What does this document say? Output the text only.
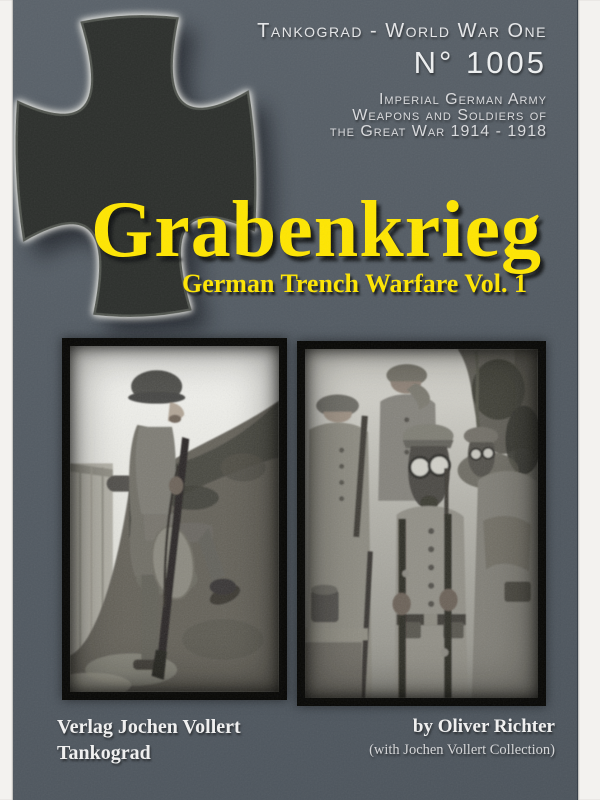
Tankograd - World War One
N° 1005
Imperial German Army
Weapons and Soldiers of
the Great War 1914 - 1918
Grabenkrieg
German Trench Warfare Vol. 1
Verlag Jochen Vollert
Tankograd
by Oliver Richter
(with Jochen Vollert Collection)
